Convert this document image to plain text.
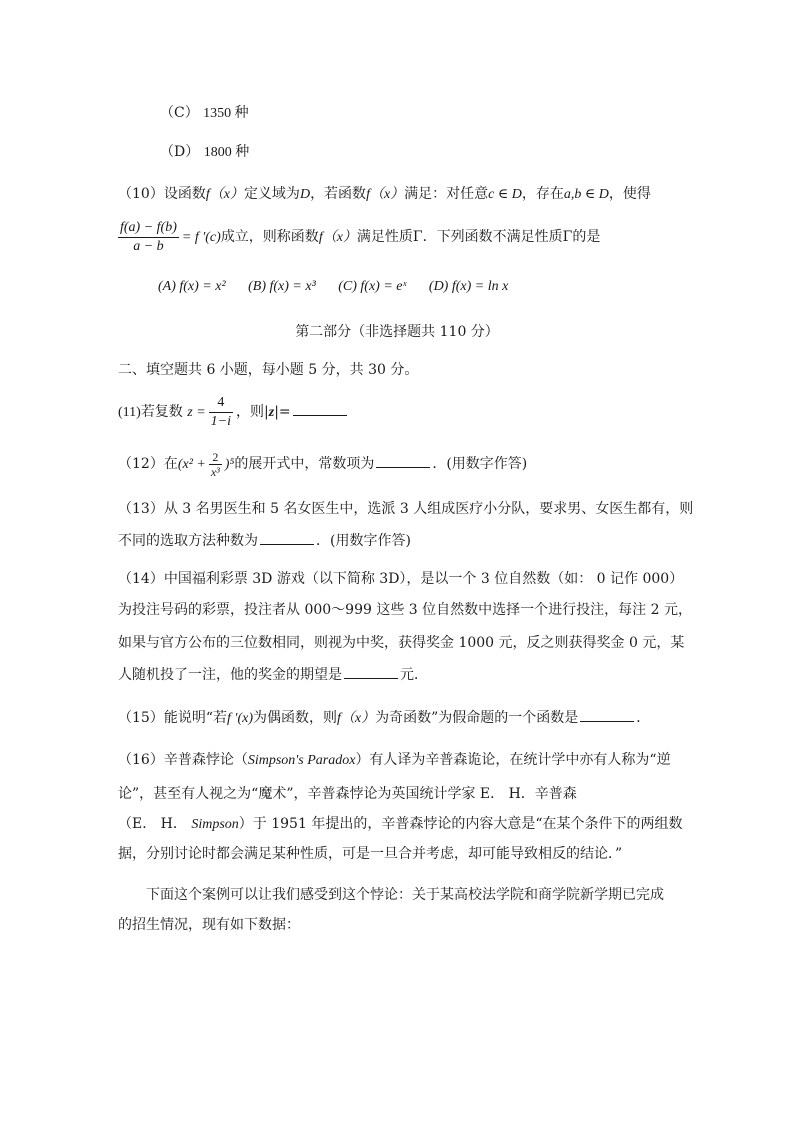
（C） 1350 种
（D） 1800 种
（10）设函数f（x）定义域为D，若函数f（x）满足：对任意c ∈ D，存在a,b ∈ D，使得
$\frac{f(a) - f(b)}{a - b} = f$ ′(c)成立，则称函数f（x）满足性质Γ．下列函数不满足性质Γ的是
(A) f(x) = x² (B) f(x) = x³ (C) f(x) = eˣ (D) f(x) = ln x
第二部分（非选择题共 110 分）
二、填空题共 6 小题，每小题 5 分，共 30 分。
(11)若复数 $z = \frac{4}{1-i}$ ，则|z|=
（12）在$(x^2 + \frac{2}{\text{x³}} )^5$的展开式中，常数项为	．(用数字作答)
（13）从 3 名男医生和 5 名女医生中，选派 3 人组成医疗小分队，要求男、女医生都有，则
不同的选取方法种数为	．(用数字作答)
（14）中国福利彩票 3D 游戏（以下简称 3D），是以一个 3 位自然数（如： 0 记作 000）
为投注号码的彩票，投注者从 000～999 这些 3 位自然数中选择一个进行投注，每注 2 元，
如果与官方公布的三位数相同，则视为中奖，获得奖金 1000 元，反之则获得奖金 0 元，某
人随机投了一注，他的奖金的期望是	元．
（15）能说明“若f ′(x)为偶函数，则f（x）为奇函数”为假命题的一个函数是	．
（16）辛普森悖论（Simpson's Paradox）有人译为辛普森诡论，在统计学中亦有人称为“逆
论”，甚至有人视之为“魔术”，辛普森悖论为英国统计学家 E． H．辛普森
（E． H． Simpson）于 1951 年提出的，辛普森悖论的内容大意是“在某个条件下的两组数
据，分别讨论时都会满足某种性质，可是一旦合并考虑，却可能导致相反的结论．”
下面这个案例可以让我们感受到这个悖论：关于某高校法学院和商学院新学期已完成
的招生情况，现有如下数据：
